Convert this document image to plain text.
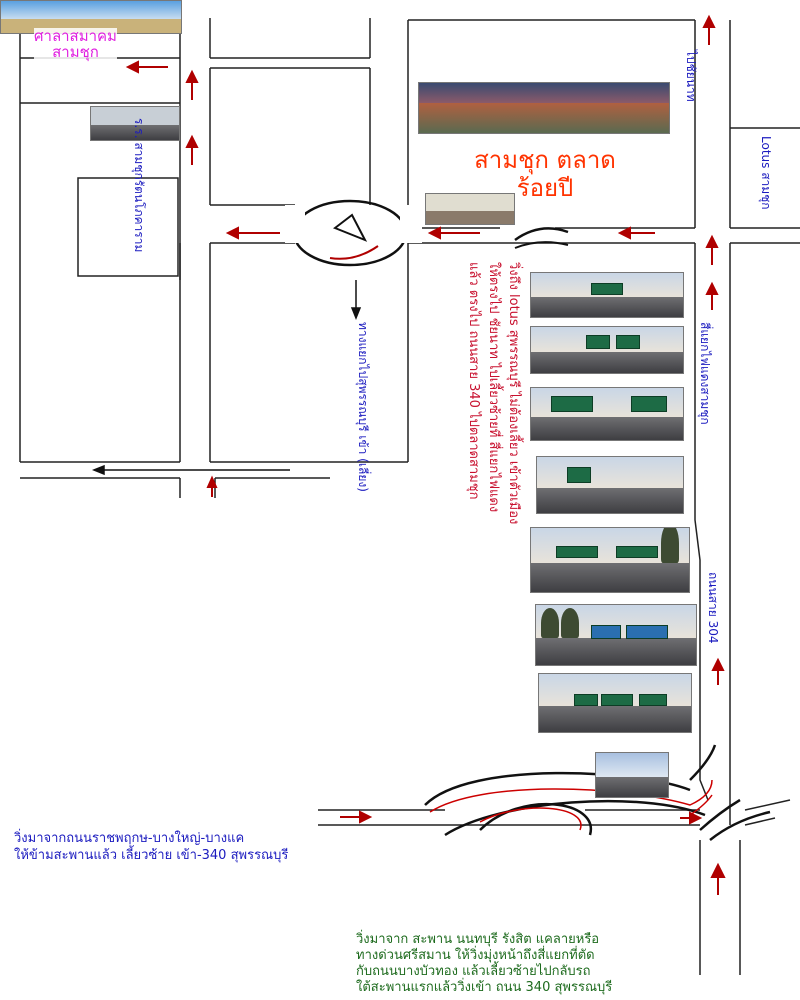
ศาลาสมาคม
สามชุก
สามชุก ตลาด
ร้อยปี
ไปชัยนาท
Lotus สามชุก
ร.ร. สามชุกรัตนโภคาราม
ทางแยกไปสุพรรณบุรี เข้า (เลี่ยง)	สี่แยกไฟแดงสามชุก
ถนนสาย 304
วิ่งถึง lotus สุพรรณบุรี ไม่ต้องเลี้ยว เข้าตัวเมือง
ให้ตรงไป ชัยนาท ไปเลี้ยวซ้ายที่ สี่แยกไฟแดง
แล้ว ตรงไป ถนนสาย 340 ไปตลาดสามชุก
วิ่งมาจากถนนราชพฤกษ-บางใหญ่-บางแค
ให้ข้ามสะพานแล้ว เลี้ยวซ้าย เข้า-340 สุพรรณบุรี
วิ่งมาจาก สะพาน นนทบุรี รังสิต แคลายหรือ
ทางด่วนศรีสมาน ให้วิ่งมุ่งหน้าถึงสี่แยกที่ตัด
กับถนนบางบัวทอง แล้วเลี้ยวซ้ายไปกลับรถ
ใต้สะพานแรกแล้ววิ่งเข้า ถนน 340 สุพรรณบุรี
